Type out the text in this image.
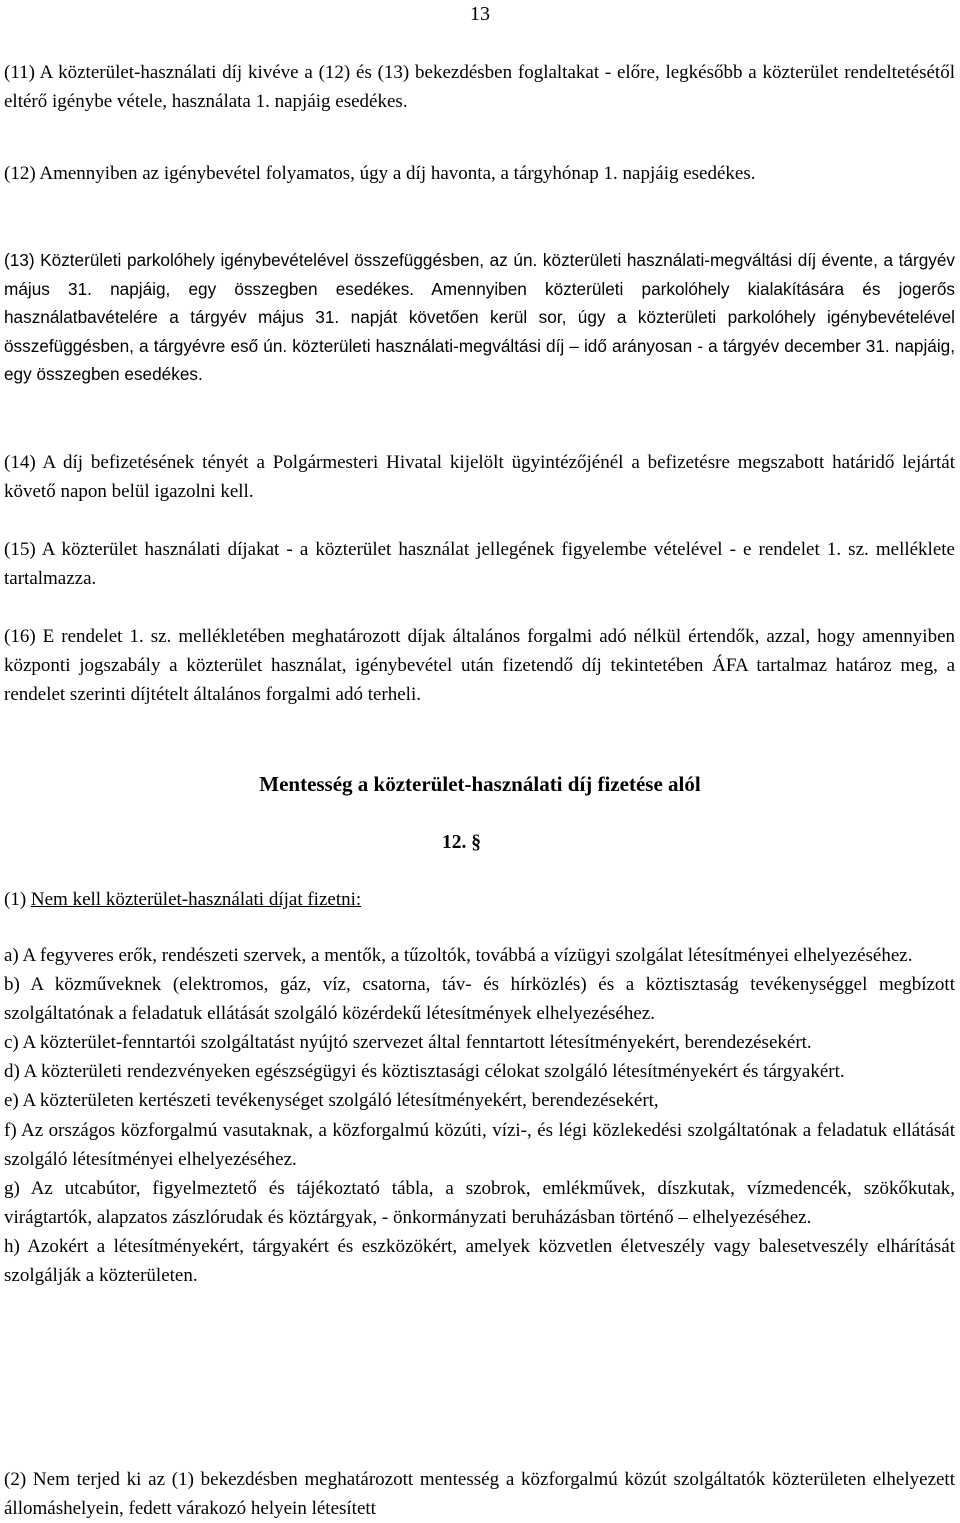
13

(11) A közterület-használati díj kivéve a (12) és (13) bekezdésben foglaltakat - előre, legkésőbb a közterület rendeltetésétől eltérő igénybe vétele, használata 1. napjáig esedékes.

(12) Amennyiben az igénybevétel folyamatos, úgy a díj havonta, a tárgyhónap 1. napjáig esedékes.

(13) Közterületi parkolóhely igénybevételével összefüggésben, az ún. közterületi használati-megváltási díj évente, a tárgyév május 31. napjáig, egy összegben esedékes. Amennyiben közterületi parkolóhely kialakítására és jogerős használatbavételére a tárgyév május 31. napját követően kerül sor, úgy a közterületi parkolóhely igénybevételével összefüggésben, a tárgyévre eső ún. közterületi használati-megváltási díj – idő arányosan - a tárgyév december 31. napjáig, egy összegben esedékes.

(14) A díj befizetésének tényét a Polgármesteri Hivatal kijelölt ügyintézőjénél a befizetésre megszabott határidő lejártát követő napon belül igazolni kell.

(15) A közterület használati díjakat - a közterület használat jellegének figyelembe vételével - e rendelet 1. sz. melléklete tartalmazza.

(16) E rendelet 1. sz. mellékletében meghatározott díjak általános forgalmi adó nélkül értendők, azzal, hogy amennyiben központi jogszabály a közterület használat, igénybevétel után fizetendő díj tekintetében ÁFA tartalmaz határoz meg, a rendelet szerinti díjtételt általános forgalmi adó terheli.

Mentesség a közterület-használati díj fizetése alól
12. §

(1) Nem kell közterület-használati díjat fizetni:

a) A fegyveres erők, rendészeti szervek, a mentők, a tűzoltók, továbbá a vízügyi szolgálat létesítményei elhelyezéséhez.

b) A közműveknek (elektromos, gáz, víz, csatorna, táv- és hírközlés) és a köztisztaság tevékenységgel megbízott szolgáltatónak a feladatuk ellátását szolgáló közérdekű létesítmények elhelyezéséhez.

c) A közterület-fenntartói szolgáltatást nyújtó szervezet által fenntartott létesítményekért, berendezésekért.

d) A közterületi rendezvényeken egészségügyi és köztisztasági célokat szolgáló létesítményekért és tárgyakért.

e) A közterületen kertészeti tevékenységet szolgáló létesítményekért, berendezésekért,

f) Az országos közforgalmú vasutaknak, a közforgalmú közúti, vízi-, és légi közlekedési szolgáltatónak a feladatuk ellátását szolgáló létesítményei elhelyezéséhez.

g) Az utcabútor, figyelmeztető és tájékoztató tábla, a szobrok, emlékművek, díszkutak, vízmedencék, szökőkutak, virágtartók, alapzatos zászlórudak és köztárgyak, - önkormányzati beruházásban történő – elhelyezéséhez.

h) Azokért a létesítményekért, tárgyakért és eszközökért, amelyek közvetlen életveszély vagy balesetveszély elhárítását szolgálják a közterületen.

(2) Nem terjed ki az (1) bekezdésben meghatározott mentesség a közforgalmú közút szolgáltatók közterületen elhelyezett állomáshelyein, fedett várakozó helyein létesített
